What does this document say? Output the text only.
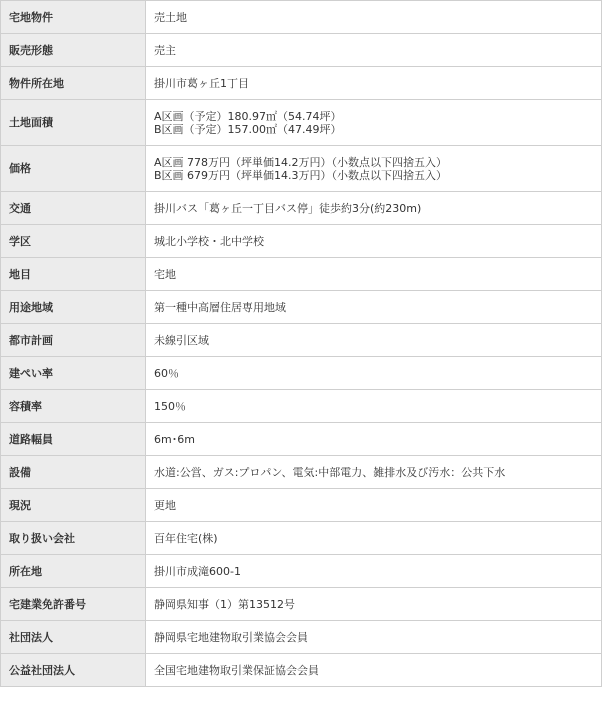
宅地物件	売土地
販売形態	売主
物件所在地	掛川市葛ヶ丘1丁目
土地面積	A区画（予定）180.97㎡（54.74坪）
B区画（予定）157.00㎡（47.49坪）

価格	A区画 778万円（坪単価14.2万円）（小数点以下四捨五入）
B区画 679万円（坪単価14.3万円）（小数点以下四捨五入）

交通	掛川バス「葛ヶ丘一丁目バス停」徒歩約3分(約230m)
学区	城北小学校・北中学校
地目	宅地
用途地域	第一種中高層住居専用地域
都市計画	未線引区域
建ぺい率	60％
容積率	150％
道路幅員	6m･6m
設備	水道:公営、ガス:プロパン、電気:中部電力、雑排水及び汚水：公共下水
現況	更地
取り扱い会社	百年住宅(株)
所在地	掛川市成滝600-1
宅建業免許番号	静岡県知事（1）第13512号
社団法人	静岡県宅地建物取引業協会会員
公益社団法人	全国宅地建物取引業保証協会会員
